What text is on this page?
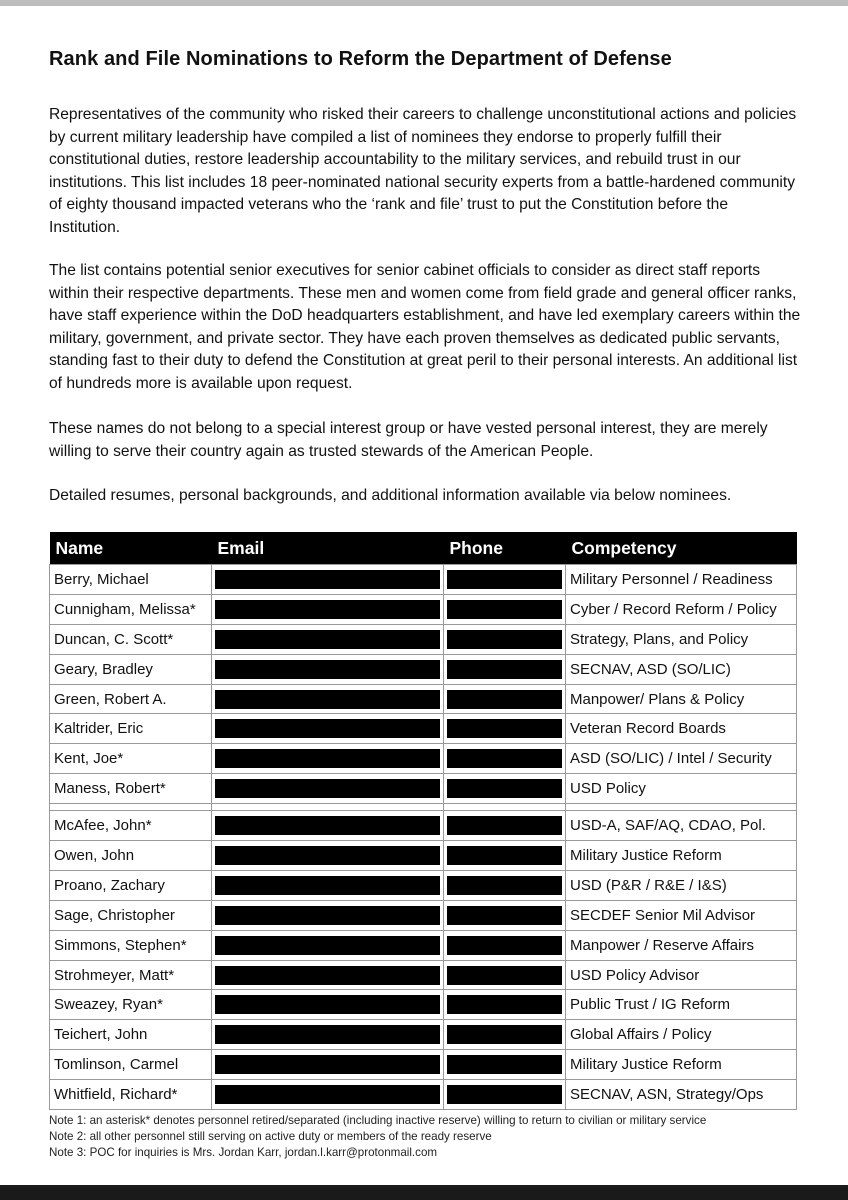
Rank and File Nominations to Reform the Department of Defense

Representatives of the community who risked their careers to challenge unconstitutional actions and policies by current military leadership have compiled a list of nominees they endorse to properly fulfill their constitutional duties, restore leadership accountability to the military services, and rebuild trust in our institutions. This list includes 18 peer-nominated national security experts from a battle-hardened community of eighty thousand impacted veterans who the ‘rank and file’ trust to put the Constitution before the Institution.

The list contains potential senior executives for senior cabinet officials to consider as direct staff reports within their respective departments. These men and women come from field grade and general officer ranks, have staff experience within the DoD headquarters establishment, and have led exemplary careers within the military, government, and private sector. They have each proven themselves as dedicated public servants, standing fast to their duty to defend the Constitution at great peril to their personal interests. An additional list of hundreds more is available upon request.

These names do not belong to a special interest group or have vested personal interest, they are merely willing to serve their country again as trusted stewards of the American People.

Detailed resumes, personal backgrounds, and additional information available via below nominees.

Name	Email	Phone	Competency
Berry, Michael			Military Personnel / Readiness
Cunnigham, Melissa*			Cyber / Record Reform / Policy
Duncan, C. Scott*			Strategy, Plans, and Policy
Geary, Bradley			SECNAV, ASD (SO/LIC)
Green, Robert A.			Manpower/ Plans & Policy
Kaltrider, Eric			Veteran Record Boards
Kent, Joe*			ASD (SO/LIC) / Intel / Security
Maness, Robert*			USD Policy

McAfee, John*			USD-A, SAF/AQ, CDAO, Pol.
Owen, John			Military Justice Reform
Proano, Zachary			USD (P&R / R&E / I&S)
Sage, Christopher			SECDEF Senior Mil Advisor
Simmons, Stephen*			Manpower / Reserve Affairs
Strohmeyer, Matt*			USD Policy Advisor
Sweazey, Ryan*			Public Trust / IG Reform
Teichert, John			Global Affairs / Policy
Tomlinson, Carmel			Military Justice Reform
Whitfield, Richard*			SECNAV, ASN, Strategy/Ops
Note 1: an asterisk* denotes personnel retired/separated (including inactive reserve) willing to return to civilian or military service
Note 2: all other personnel still serving on active duty or members of the ready reserve
Note 3: POC for inquiries is Mrs. Jordan Karr, jordan.l.karr@protonmail.com
